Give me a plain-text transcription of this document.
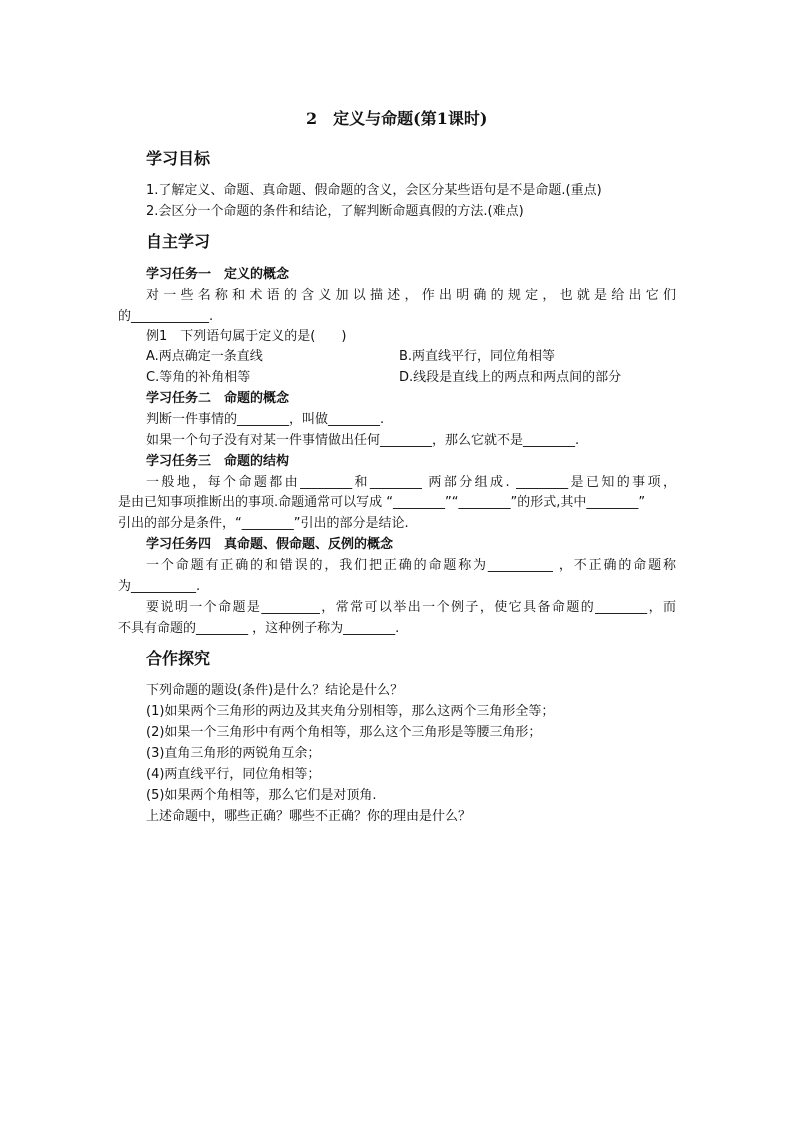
2　定义与命题(第1课时)
学习目标
1.了解定义、命题、真命题、假命题的含义，会区分某些语句是不是命题.(重点)
2.会区分一个命题的条件和结论，了解判断命题真假的方法.(难点)
自主学习
学习任务一　定义的概念
对一些名称和术语的含义加以描述，作出明确的规定，也就是给出它们
的____________.
例1　下列语句属于定义的是(　　)
A.两点确定一条直线	B.两直线平行，同位角相等
C.等角的补角相等	D.线段是直线上的两点和两点间的部分
学习任务二　命题的概念
判断一件事情的________，叫做________.
如果一个句子没有对某一件事情做出任何________，那么它就不是________.
学习任务三　命题的结构
一般地，每个命题都由________和________ 两部分组成. ________是已知的事项，
是由已知事项推断出的事项.命题通常可以写成 “________”“________”的形式,其中________”
引出的部分是条件，“________”引出的部分是结论.
学习任务四　真命题、假命题、反例的概念
一个命题有正确的和错误的，我们把正确的命题称为__________ ，不正确的命题称
为__________.
要说明一个命题是_________，常常可以举出一个例子，使它具备命题的________，而
不具有命题的________ ，这种例子称为________.
合作探究
下列命题的题设(条件)是什么？结论是什么？
(1)如果两个三角形的两边及其夹角分别相等，那么这两个三角形全等；
(2)如果一个三角形中有两个角相等，那么这个三角形是等腰三角形；
(3)直角三角形的两锐角互余；
(4)两直线平行，同位角相等；
(5)如果两个角相等，那么它们是对顶角.
上述命题中，哪些正确？哪些不正确？你的理由是什么？
